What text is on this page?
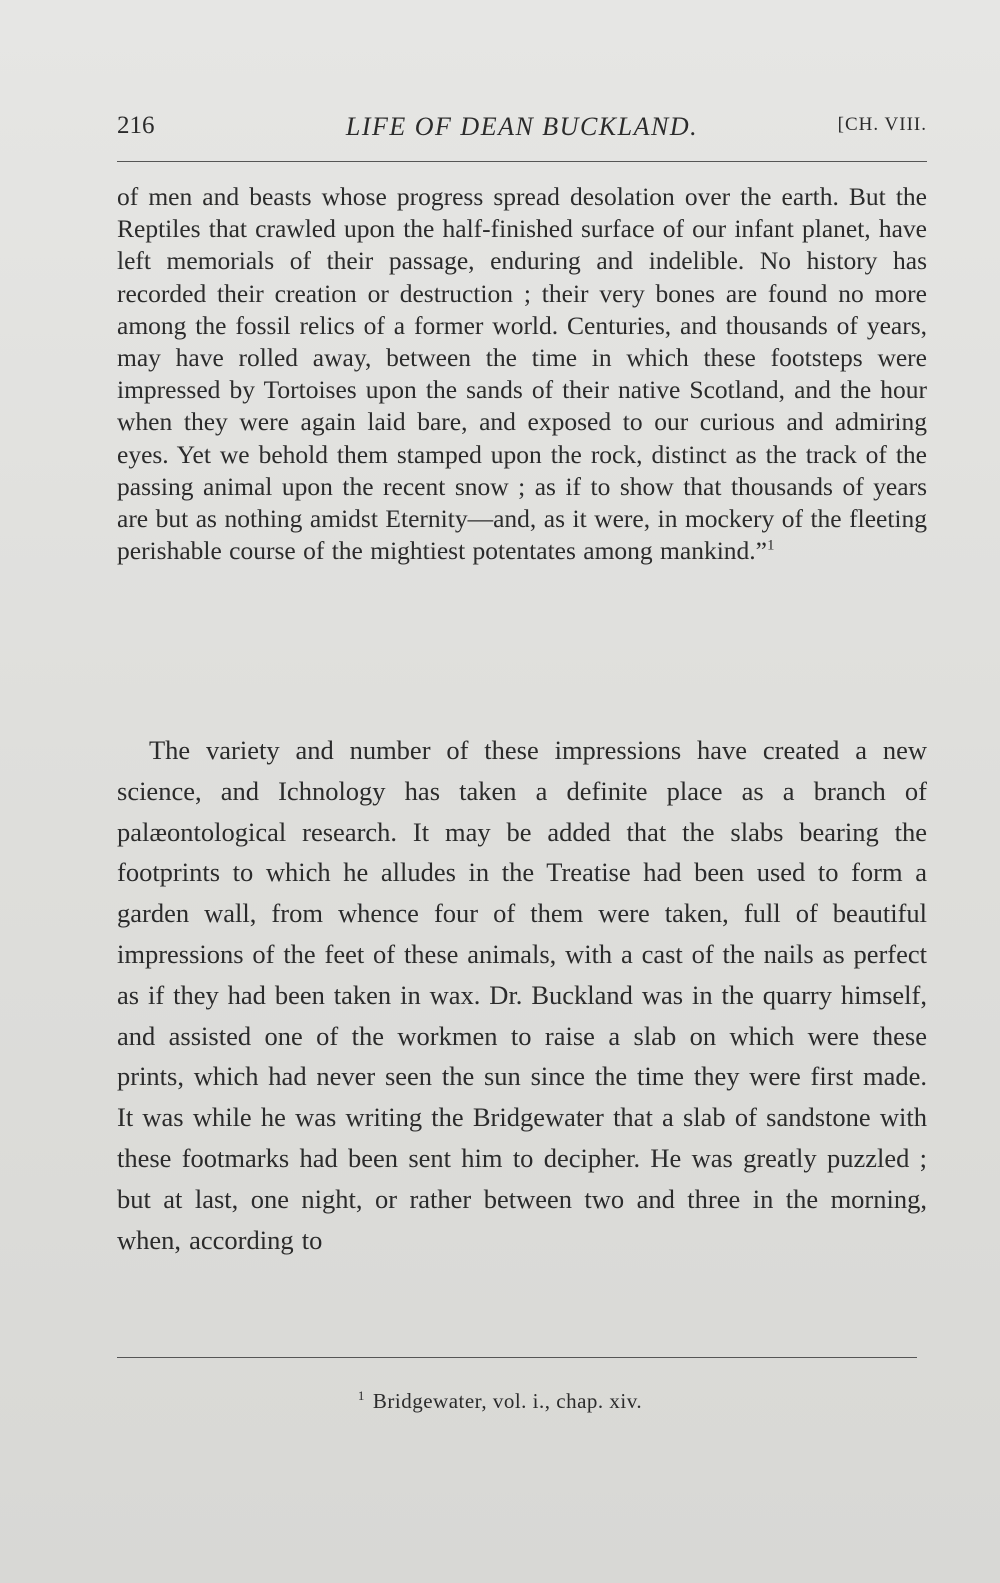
216	LIFE OF DEAN BUCKLAND.	[CH. VIII.
of men and beasts whose progress spread desolation over the earth. But the Reptiles that crawled upon the half-finished surface of our infant planet, have left memorials of their passage, enduring and indelible. No history has recorded their creation or destruction ; their very bones are found no more among the fossil relics of a former world. Centuries, and thousands of years, may have rolled away, between the time in which these footsteps were impressed by Tortoises upon the sands of their native Scotland, and the hour when they were again laid bare, and exposed to our curious and admiring eyes. Yet we behold them stamped upon the rock, distinct as the track of the passing animal upon the recent snow ; as if to show that thousands of years are but as nothing amidst Eternity—and, as it were, in mockery of the fleeting perishable course of the mightiest potentates among mankind.”$^1$
The variety and number of these impressions have created a new science, and Ichnology has taken a definite place as a branch of palæontological research. It may be added that the slabs bearing the footprints to which he alludes in the Treatise had been used to form a garden wall, from whence four of them were taken, full of beautiful impressions of the feet of these animals, with a cast of the nails as perfect as if they had been taken in wax. Dr. Buckland was in the quarry himself, and assisted one of the workmen to raise a slab on which were these prints, which had never seen the sun since the time they were first made. It was while he was writing the Bridgewater that a slab of sandstone with these footmarks had been sent him to decipher. He was greatly puzzled ; but at last, one night, or rather between two and three in the morning, when, according to
$^1$ Bridgewater, vol. i., chap. xiv.
